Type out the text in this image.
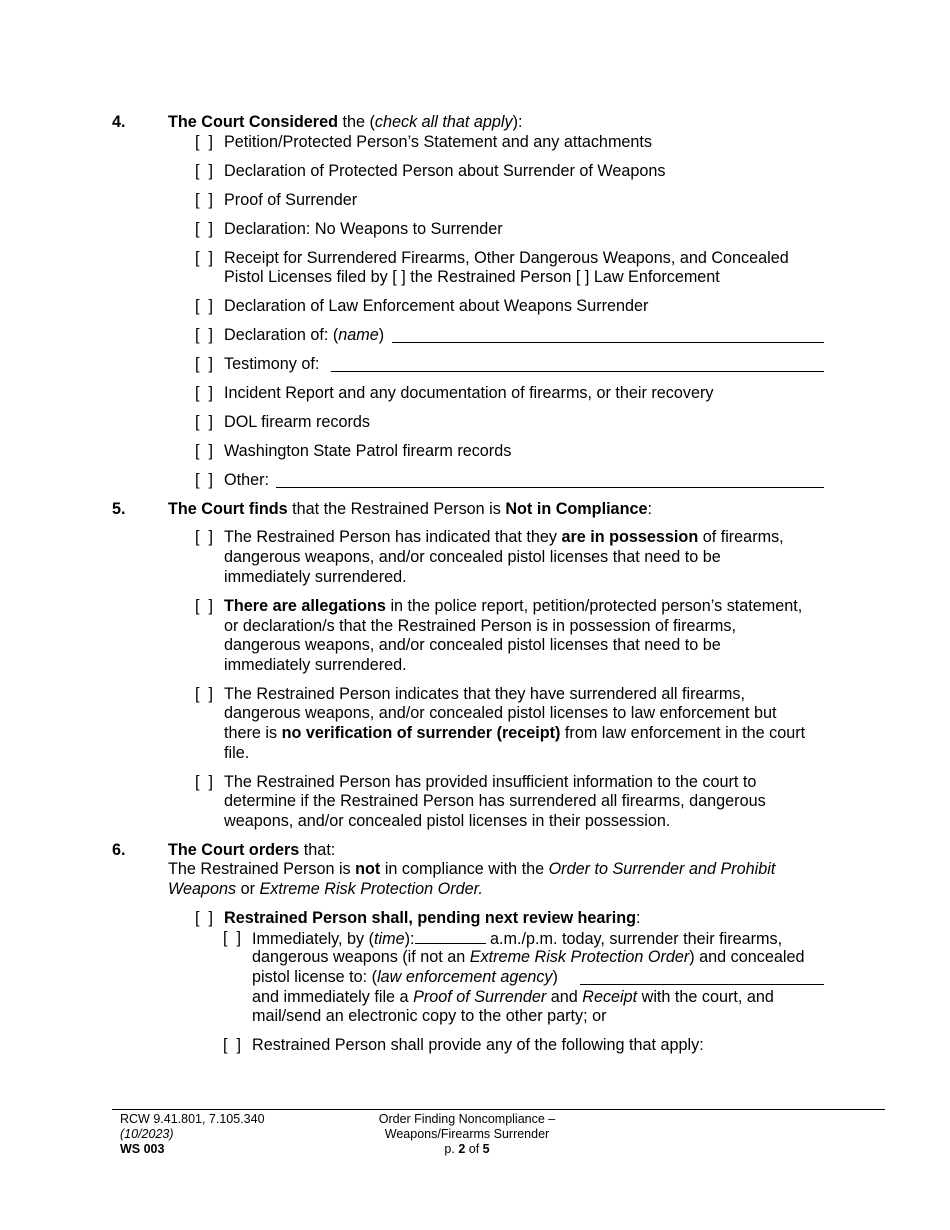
4.	The Court Considered the (check all that apply):
[  ] Petition/Protected Person’s Statement and any attachments
[  ] Declaration of Protected Person about Surrender of Weapons
[  ] Proof of Surrender
[  ] Declaration: No Weapons to Surrender
[  ] Receipt for Surrendered Firearms, Other Dangerous Weapons, and Concealed
Pistol Licenses filed by [ ] the Restrained Person [ ] Law Enforcement
[  ] Declaration of Law Enforcement about Weapons Surrender
[  ] Declaration of: (name)
[  ] Testimony of:
[  ] Incident Report and any documentation of firearms, or their recovery
[  ] DOL firearm records
[  ] Washington State Patrol firearm records
[  ] Other:
5.	The Court finds that the Restrained Person is Not in Compliance:
[  ] The Restrained Person has indicated that they are in possession of firearms,
dangerous weapons, and/or concealed pistol licenses that need to be
immediately surrendered.
[  ] There are allegations in the police report, petition/protected person’s statement,
or declaration/s that the Restrained Person is in possession of firearms,
dangerous weapons, and/or concealed pistol licenses that need to be
immediately surrendered.
[  ] The Restrained Person indicates that they have surrendered all firearms,
dangerous weapons, and/or concealed pistol licenses to law enforcement but
there is no verification of surrender (receipt) from law enforcement in the court
file.
[  ] The Restrained Person has provided insufficient information to the court to
determine if the Restrained Person has surrendered all firearms, dangerous
weapons, and/or concealed pistol licenses in their possession.
6.	The Court orders that:
The Restrained Person is not in compliance with the Order to Surrender and Prohibit
Weapons or Extreme Risk Protection Order.
[  ] Restrained Person shall, pending next review hearing:
[  ] Immediately, by (time):	a.m./p.m. today, surrender their firearms,
dangerous weapons (if not an Extreme Risk Protection Order) and concealed
pistol license to: (law enforcement agency)
and immediately file a Proof of Surrender and Receipt with the court, and
mail/send an electronic copy to the other party; or
[  ] Restrained Person shall provide any of the following that apply:
RCW 9.41.801, 7.105.340
(10/2023)
WS 003
Order Finding Noncompliance –
Weapons/Firearms Surrender
p. 2 of 5
